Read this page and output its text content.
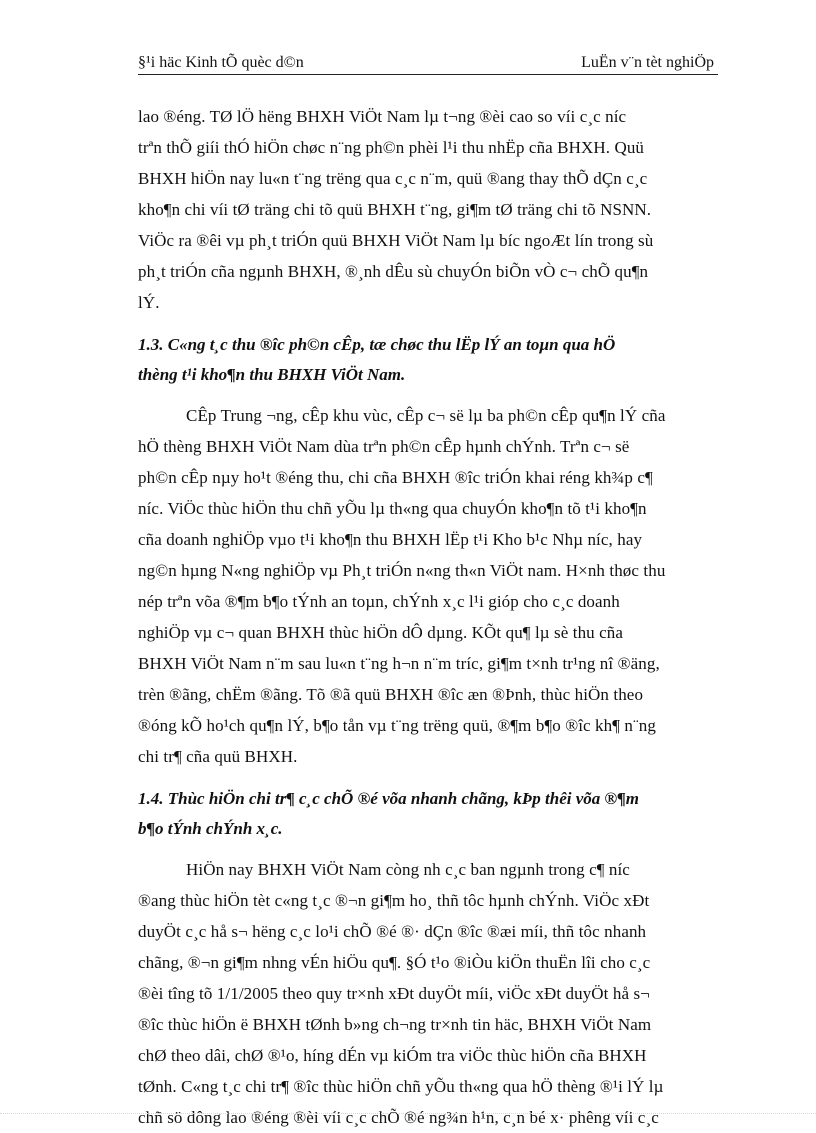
§¹i häc Kinh tÕ quèc d©n	LuËn v¨n tèt nghiÖp
lao ®éng. TØ lÖ hëng BHXH ViÖt Nam lµ t¬ng ®èi cao so víi c¸c níc
trªn thÕ giíi thÓ hiÖn chøc n¨ng ph©n phèi l¹i thu nhËp cña BHXH. Quü
BHXH hiÖn nay lu«n t¨ng trëng qua c¸c n¨m, quü ®ang thay thÕ dÇn c¸c
kho¶n chi víi tØ träng chi tõ quü BHXH t¨ng, gi¶m tØ träng chi tõ NSNN.
ViÖc ra ®êi vµ ph¸t triÓn quü BHXH ViÖt Nam lµ bíc ngoÆt lín trong sù
ph¸t triÓn cña ngµnh BHXH, ®¸nh dÊu sù chuyÓn biÕn vÒ c¬ chÕ qu¶n
lÝ.
1.3. C«ng t¸c thu ®îc ph©n cÊp, tæ chøc thu lËp lÝ an toµn qua hÖ
thèng t¹i kho¶n thu BHXH ViÖt Nam.
CÊp Trung ¬ng, cÊp khu vùc, cÊp c¬ së lµ ba ph©n cÊp qu¶n lÝ cña
hÖ thèng BHXH ViÖt Nam dùa trªn ph©n cÊp hµnh chÝnh. Trªn c¬ së
ph©n cÊp nµy ho¹t ®éng thu, chi cña BHXH ®îc triÓn khai réng kh¾p c¶
níc. ViÖc thùc hiÖn thu chñ yÕu lµ th«ng qua chuyÓn kho¶n tõ t¹i kho¶n
cña doanh nghiÖp vµo t¹i kho¶n thu BHXH lËp t¹i Kho b¹c Nhµ níc, hay
ng©n hµng N«ng nghiÖp vµ Ph¸t triÓn n«ng th«n ViÖt nam. H×nh thøc thu
nép trªn võa ®¶m b¶o tÝnh an toµn, chÝnh x¸c l¹i gióp cho c¸c doanh
nghiÖp vµ c¬ quan BHXH thùc hiÖn dÔ dµng. KÕt qu¶ lµ sè thu cña
BHXH ViÖt Nam n¨m sau lu«n t¨ng h¬n n¨m tríc, gi¶m t×nh tr¹ng nî ®äng,
trèn ®ãng, chËm ®ãng. Tõ ®ã quü BHXH ®îc æn ®Þnh, thùc hiÖn theo
®óng kÕ ho¹ch qu¶n lÝ, b¶o tån vµ t¨ng trëng quü, ®¶m b¶o ®îc kh¶ n¨ng
chi tr¶ cña quü BHXH.
1.4. Thùc hiÖn chi tr¶ c¸c chÕ ®é võa nhanh chãng, kÞp thêi võa ®¶m
b¶o tÝnh chÝnh x¸c.
HiÖn nay BHXH ViÖt Nam còng nh c¸c ban ngµnh trong c¶ níc
®ang thùc hiÖn tèt c«ng t¸c ®¬n gi¶m ho¸ thñ tôc hµnh chÝnh. ViÖc xÐt
duyÖt c¸c hå s¬ hëng c¸c lo¹i chÕ ®é ®· dÇn ®îc ®æi míi, thñ tôc nhanh
chãng, ®¬n gi¶m nhng vÉn hiÖu qu¶. §Ó t¹o ®iÒu kiÖn thuËn lîi cho c¸c
®èi tîng tõ 1/1/2005 theo quy tr×nh xÐt duyÖt míi, viÖc xÐt duyÖt hå s¬
®îc thùc hiÖn ë BHXH tØnh b»ng ch¬ng tr×nh tin häc, BHXH ViÖt Nam
chØ theo dâi, chØ ®¹o, híng dÉn vµ kiÓm tra viÖc thùc hiÖn cña BHXH
tØnh. C«ng t¸c chi tr¶ ®îc thùc hiÖn chñ yÕu th«ng qua hÖ thèng ®¹i lÝ lµ
chñ sö dông lao ®éng ®èi víi c¸c chÕ ®é ng¾n h¹n, c¸n bé x· phêng víi c¸c
